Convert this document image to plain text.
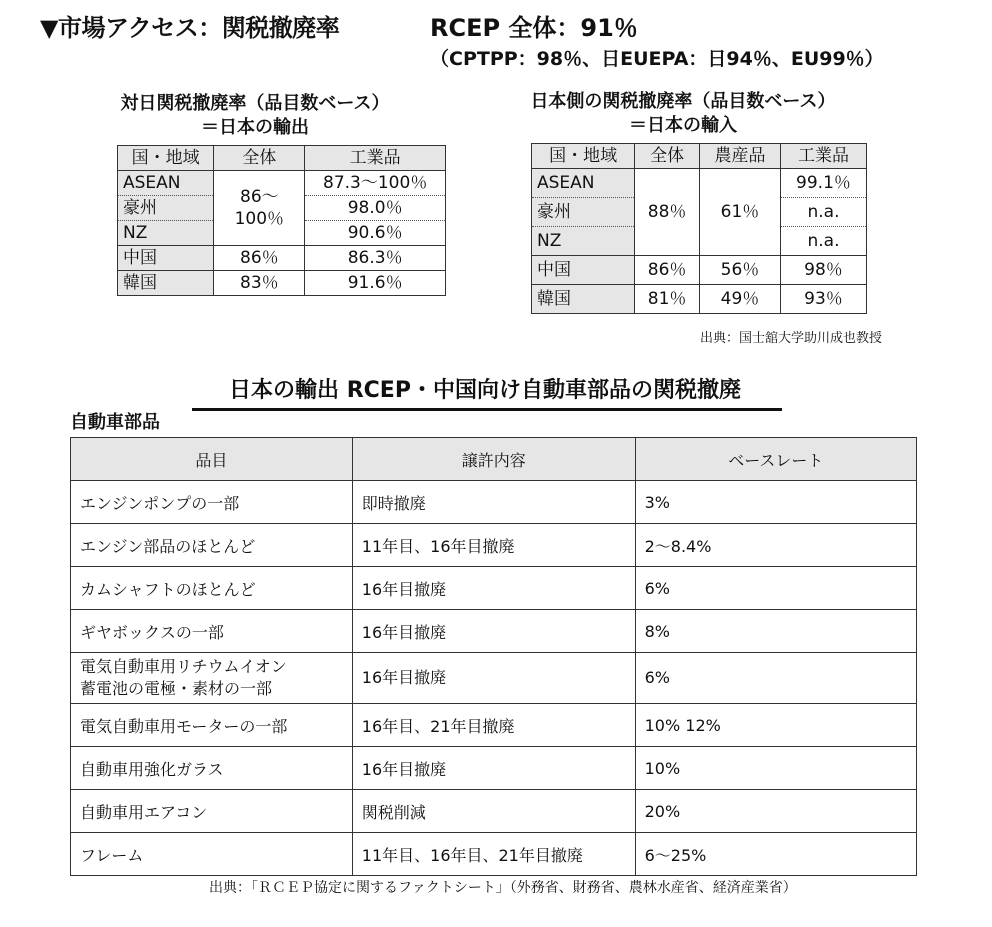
▼市場アクセス：関税撤廃率	RCEP 全体：91％
（CPTPP：98％、日EUEPA：日94％、EU99％）
対日関税撤廃率（品目数ベース）
＝日本の輸出
国・地域	全体	工業品
ASEAN	86～100％	87.3～100％
豪州		98.0％
NZ		90.6％
中国	86％	86.3％
韓国	83％	91.6％
日本側の関税撤廃率（品目数ベース）
＝日本の輸入
国・地域	全体	農産品	工業品
ASEAN	88％	61％	99.1％
豪州			n.a.
NZ			n.a.
中国	86％	56％	98％
韓国	81％	49％	93％
出典：国士舘大学助川成也教授
日本の輸出 RCEP・中国向け自動車部品の関税撤廃
自動車部品
品目	譲許内容	ベースレート
エンジンポンプの一部	即時撤廃	3%
エンジン部品のほとんど	11年目、16年目撤廃	2～8.4%
カムシャフトのほとんど	16年目撤廃	6%
ギヤボックスの一部	16年目撤廃	8%

電気自動車用リチウムイオン
蓄電池の電極・素材の一部	16年目撤廃	6%
電気自動車用モーターの一部	16年目、21年目撤廃	10% 12%
自動車用強化ガラス	16年目撤廃	10%
自動車用エアコン	関税削減	20%
フレーム	11年目、16年目、21年目撤廃	6～25%
出典：「ＲＣＥＰ協定に関するファクトシート」（外務省、財務省、農林水産省、経済産業省）
